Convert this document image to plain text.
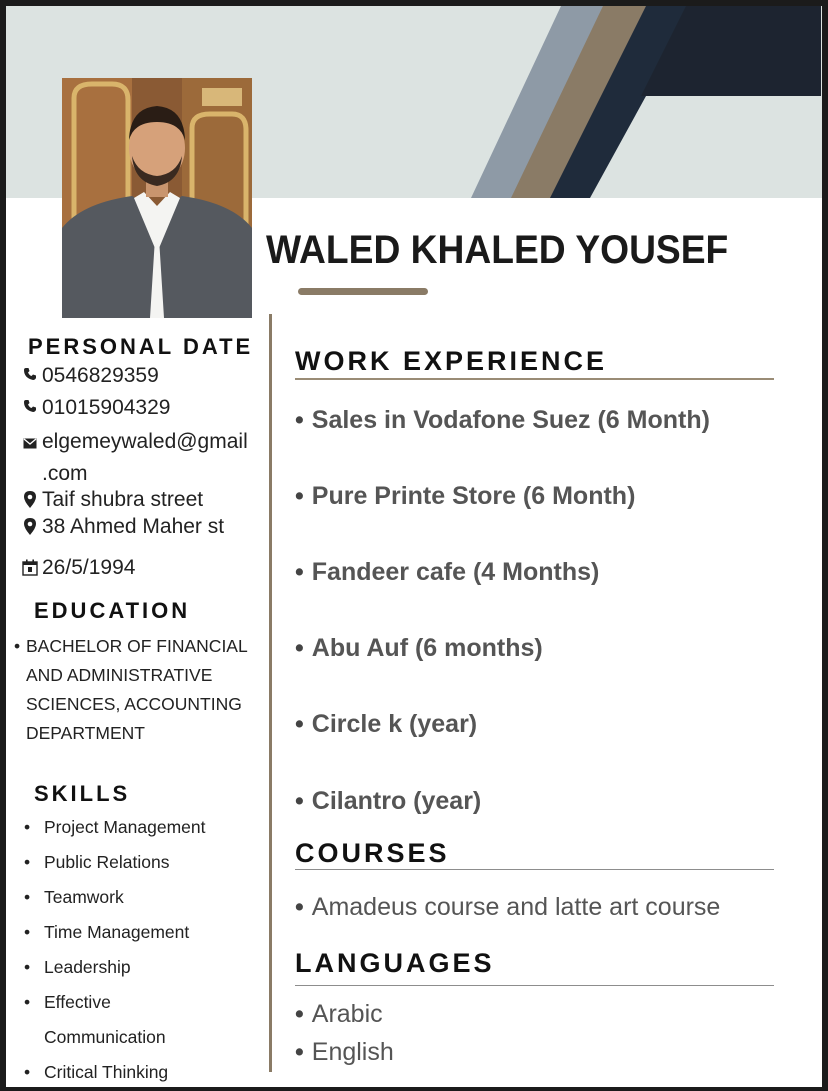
WALED KHALED YOUSEF
PERSONAL DATE
0546829359
01015904329
elgemeywaled@gmail
.com
Taif shubra street
38 Ahmed Maher st
26/5/1994
EDUCATION
• BACHELOR OF FINANCIAL AND ADMINISTRATIVE SCIENCES, ACCOUNTING DEPARTMENT
SKILLS
• Project Management
• Public Relations
• Teamwork
• Time Management
• Leadership
• Effective
Communication
• Critical Thinking
WORK EXPERIENCE
• Sales in Vodafone Suez (6 Month)
• Pure Printe Store (6 Month)
• Fandeer cafe (4 Months)
• Abu Auf (6 months)
• Circle k (year)
• Cilantro (year)
COURSES
• Amadeus course and latte art course
LANGUAGES
• Arabic
• English
